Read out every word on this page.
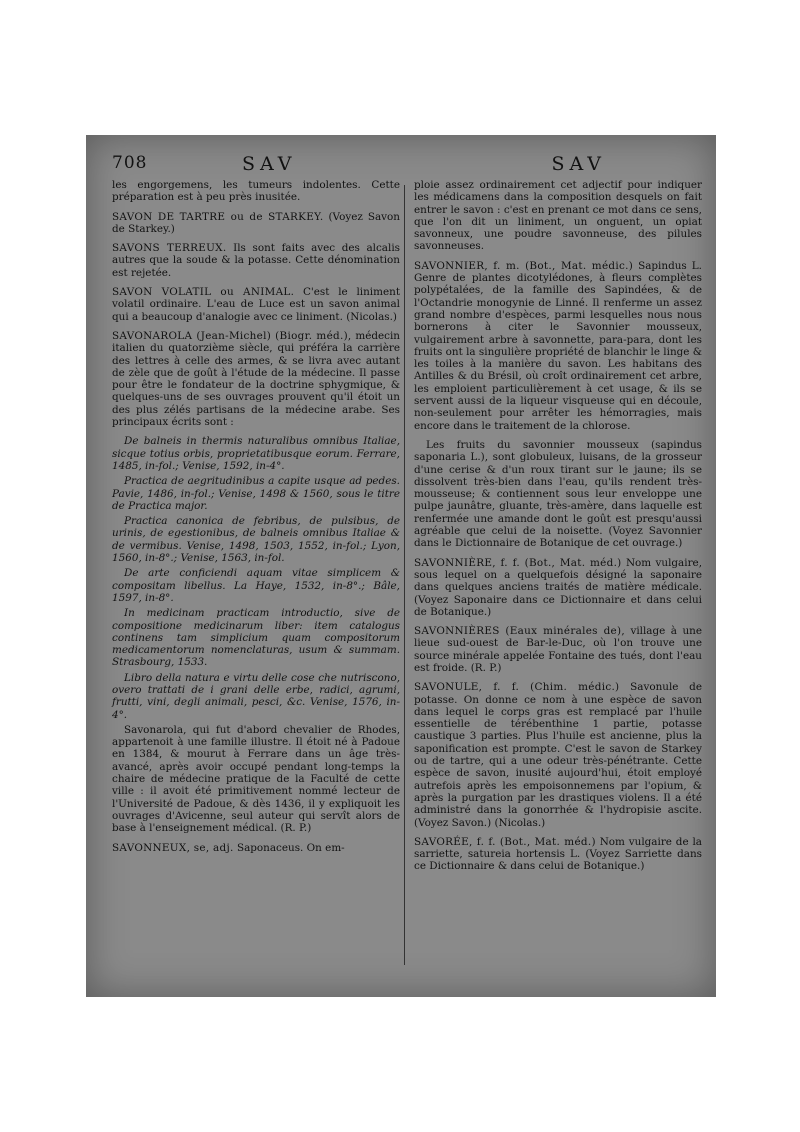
708	SAV	SAV

les engorgemens, les tumeurs indolentes. Cette préparation est à peu près inusitée.

SAVON DE TARTRE ou de STARKEY. (Voyez Savon de Starkey.)

SAVONS TERREUX. Ils sont faits avec des alcalis autres que la soude & la potasse. Cette dénomination est rejetée.

SAVON VOLATIL ou ANIMAL. C'est le liniment volatil ordinaire. L'eau de Luce est un savon animal qui a beaucoup d'analogie avec ce liniment. (Nicolas.)

SAVONAROLA (Jean-Michel) (Biogr. méd.), médecin italien du quatorzième siècle, qui préféra la carrière des lettres à celle des armes, & se livra avec autant de zèle que de goût à l'étude de la médecine. Il passe pour être le fondateur de la doctrine sphygmique, & quelques-uns de ses ouvrages prouvent qu'il étoit un des plus zélés partisans de la médecine arabe. Ses principaux écrits sont :

De balneis in thermis naturalibus omnibus Italiae, sicque totius orbis, proprietatibusque eorum. Ferrare, 1485, in-fol.; Venise, 1592, in-4°.

Practica de aegritudinibus a capite usque ad pedes. Pavie, 1486, in-fol.; Venise, 1498 & 1560, sous le titre de Practica major.

Practica canonica de febribus, de pulsibus, de urinis, de egestionibus, de balneis omnibus Italiae & de vermibus. Venise, 1498, 1503, 1552, in-fol.; Lyon, 1560, in-8°.; Venise, 1563, in-fol.

De arte conficiendi aquam vitae simplicem & compositam libellus. La Haye, 1532, in-8°.; Bâle, 1597, in-8°.

In medicinam practicam introductio, sive de compositione medicinarum liber: item catalogus continens tam simplicium quam compositorum medicamentorum nomenclaturas, usum & summam. Strasbourg, 1533.

Libro della natura e virtu delle cose che nutriscono, overo trattati de i grani delle erbe, radici, agrumi, frutti, vini, degli animali, pesci, &c. Venise, 1576, in-4°.

Savonarola, qui fut d'abord chevalier de Rhodes, appartenoit à une famille illustre. Il étoit né à Padoue en 1384, & mourut à Ferrare dans un âge très-avancé, après avoir occupé pendant long-temps la chaire de médecine pratique de la Faculté de cette ville : il avoit été primitivement nommé lecteur de l'Université de Padoue, & dès 1436, il y expliquoit les ouvrages d'Avicenne, seul auteur qui servît alors de base à l'enseignement médical. (R. P.)

SAVONNEUX, se, adj. Saponaceus. On em-

ploie assez ordinairement cet adjectif pour indiquer les médicamens dans la composition desquels on fait entrer le savon : c'est en prenant ce mot dans ce sens, que l'on dit un liniment, un onguent, un opiat savonneux, une poudre savonneuse, des pilules savonneuses.

SAVONNIER, f. m. (Bot., Mat. médic.) Sapindus L. Genre de plantes dicotylédones, à fleurs complètes polypétalées, de la famille des Sapindées, & de l'Octandrie monogynie de Linné. Il renferme un assez grand nombre d'espèces, parmi lesquelles nous nous bornerons à citer le Savonnier mousseux, vulgairement arbre à savonnette, para-para, dont les fruits ont la singulière propriété de blanchir le linge & les toiles à la manière du savon. Les habitans des Antilles & du Brésil, où croît ordinairement cet arbre, les emploient particulièrement à cet usage, & ils se servent aussi de la liqueur visqueuse qui en découle, non-seulement pour arrêter les hémorragies, mais encore dans le traitement de la chlorose.

Les fruits du savonnier mousseux (sapindus saponaria L.), sont globuleux, luisans, de la grosseur d'une cerise & d'un roux tirant sur le jaune; ils se dissolvent très-bien dans l'eau, qu'ils rendent très-mousseuse; & contiennent sous leur enveloppe une pulpe jaunâtre, gluante, très-amère, dans laquelle est renfermée une amande dont le goût est presqu'aussi agréable que celui de la noisette. (Voyez Savonnier dans le Dictionnaire de Botanique de cet ouvrage.)

SAVONNIÈRE, f. f. (Bot., Mat. méd.) Nom vulgaire, sous lequel on a quelquefois désigné la saponaire dans quelques anciens traités de matière médicale. (Voyez Saponaire dans ce Dictionnaire et dans celui de Botanique.)

SAVONNIÈRES (Eaux minérales de), village à une lieue sud-ouest de Bar-le-Duc, où l'on trouve une source minérale appelée Fontaine des tués, dont l'eau est froide. (R. P.)

SAVONULE, f. f. (Chim. médic.) Savonule de potasse. On donne ce nom à une espèce de savon dans lequel le corps gras est remplacé par l'huile essentielle de térébenthine 1 partie, potasse caustique 3 parties. Plus l'huile est ancienne, plus la saponification est prompte. C'est le savon de Starkey ou de tartre, qui a une odeur très-pénétrante. Cette espèce de savon, inusité aujourd'hui, étoit employé autrefois après les empoisonnemens par l'opium, & après la purgation par les drastiques violens. Il a été administré dans la gonorrhée & l'hydropisie ascite. (Voyez Savon.) (Nicolas.)

SAVORÉE, f. f. (Bot., Mat. méd.) Nom vulgaire de la sarriette, satureia hortensis L. (Voyez Sarriette dans ce Dictionnaire & dans celui de Botanique.)
